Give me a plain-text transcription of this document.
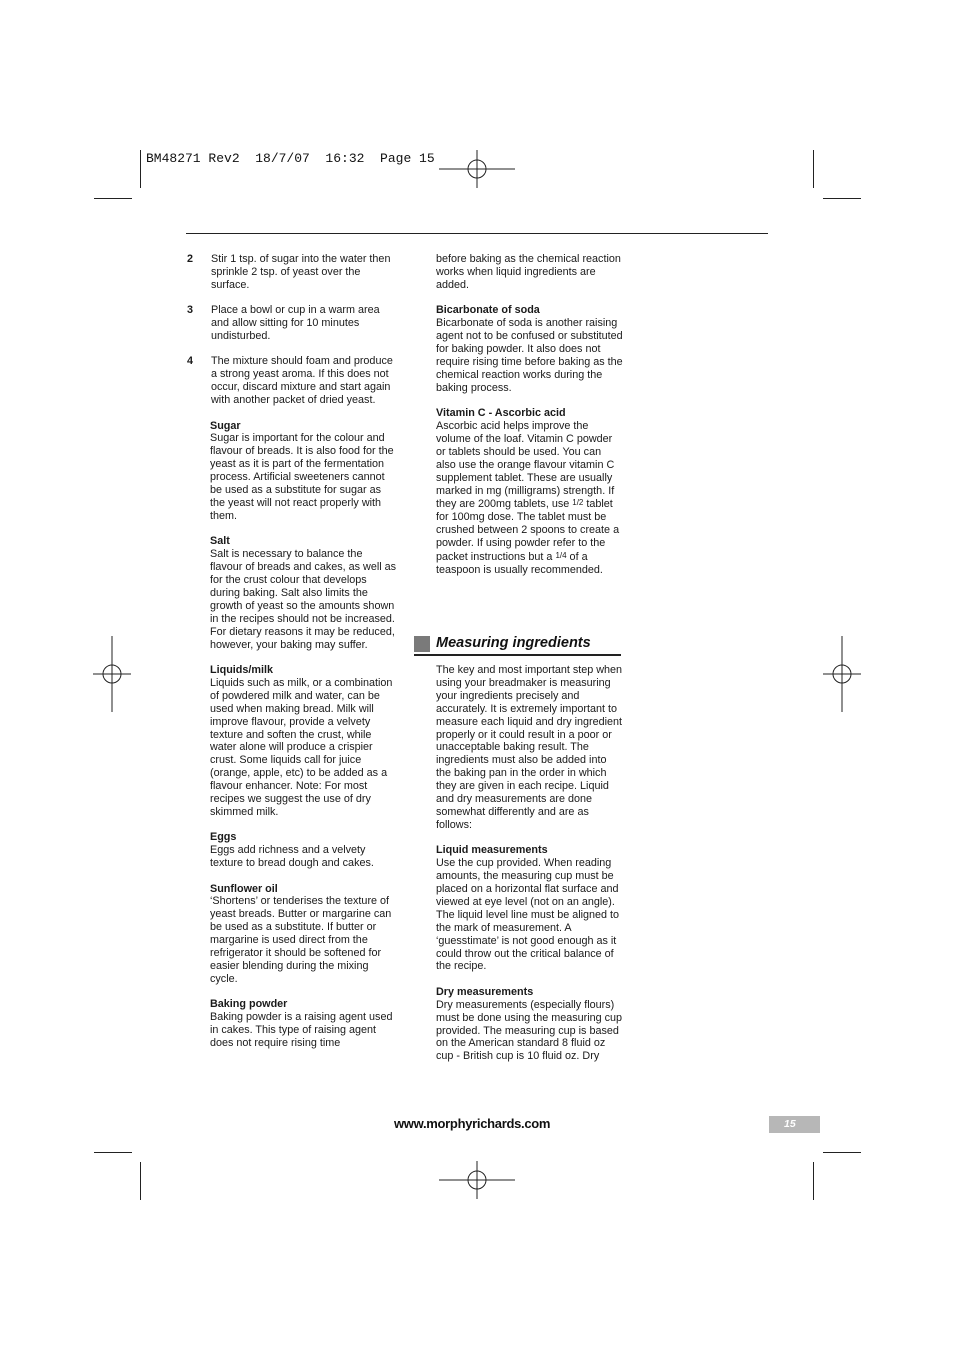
BM48271 Rev2  18/7/07  16:32  Page 15

2 Stir 1 tsp. of sugar into the water then sprinkle 2 tsp. of yeast over the surface.

3 Place a bowl or cup in a warm area and allow sitting for 10 minutes undisturbed.

4 The mixture should foam and produce a strong yeast aroma. If this does not occur, discard mixture and start again with another packet of dried yeast.

Sugar
Sugar is important for the colour and flavour of breads. It is also food for the yeast as it is part of the fermentation process. Artificial sweeteners cannot be used as a substitute for sugar as the yeast will not react properly with them.

Salt
Salt is necessary to balance the flavour of breads and cakes, as well as for the crust colour that develops during baking. Salt also limits the growth of yeast so the amounts shown in the recipes should not be increased. For dietary reasons it may be reduced, however, your baking may suffer.

Liquids/milk
Liquids such as milk, or a combination of powdered milk and water, can be used when making bread. Milk will improve flavour, provide a velvety texture and soften the crust, while water alone will produce a crispier crust. Some liquids call for juice (orange, apple, etc) to be added as a flavour enhancer. Note: For most recipes we suggest the use of dry skimmed milk.

Eggs
Eggs add richness and a velvety texture to bread dough and cakes.

Sunflower oil
‘Shortens’ or tenderises the texture of yeast breads. Butter or margarine can be used as a substitute. If butter or margarine is used direct from the refrigerator it should be softened for easier blending during the mixing cycle.

Baking powder
Baking powder is a raising agent used in cakes. This type of raising agent does not require rising time

before baking as the chemical reaction works when liquid ingredients are added.

Bicarbonate of soda
Bicarbonate of soda is another raising agent not to be confused or substituted for baking powder. It also does not require rising time before baking as the chemical reaction works during the baking process.

Vitamin C - Ascorbic acid
Ascorbic acid helps improve the volume of the loaf. Vitamin C powder or tablets should be used. You can also use the orange flavour vitamin C supplement tablet. These are usually marked in mg (milligrams) strength. If they are 200mg tablets, use $^{1/2}$ tablet for 100mg dose. The tablet must be crushed between 2 spoons to create a powder. If using powder refer to the packet instructions but a $^{1/4}$ of a teaspoon is usually recommended.

Measuring ingredients

The key and most important step when using your breadmaker is measuring your ingredients precisely and accurately. It is extremely important to measure each liquid and dry ingredient properly or it could result in a poor or unacceptable baking result. The ingredients must also be added into the baking pan in the order in which they are given in each recipe. Liquid and dry measurements are done somewhat differently and are as follows:

Liquid measurements
Use the cup provided. When reading amounts, the measuring cup must be placed on a horizontal flat surface and viewed at eye level (not on an angle). The liquid level line must be aligned to the mark of measurement. A ‘guesstimate’ is not good enough as it could throw out the critical balance of the recipe.

Dry measurements
Dry measurements (especially flours) must be done using the measuring cup provided. The measuring cup is based on the American standard 8 fluid oz cup - British cup is 10 fluid oz. Dry

www.morphyrichards.com	15
